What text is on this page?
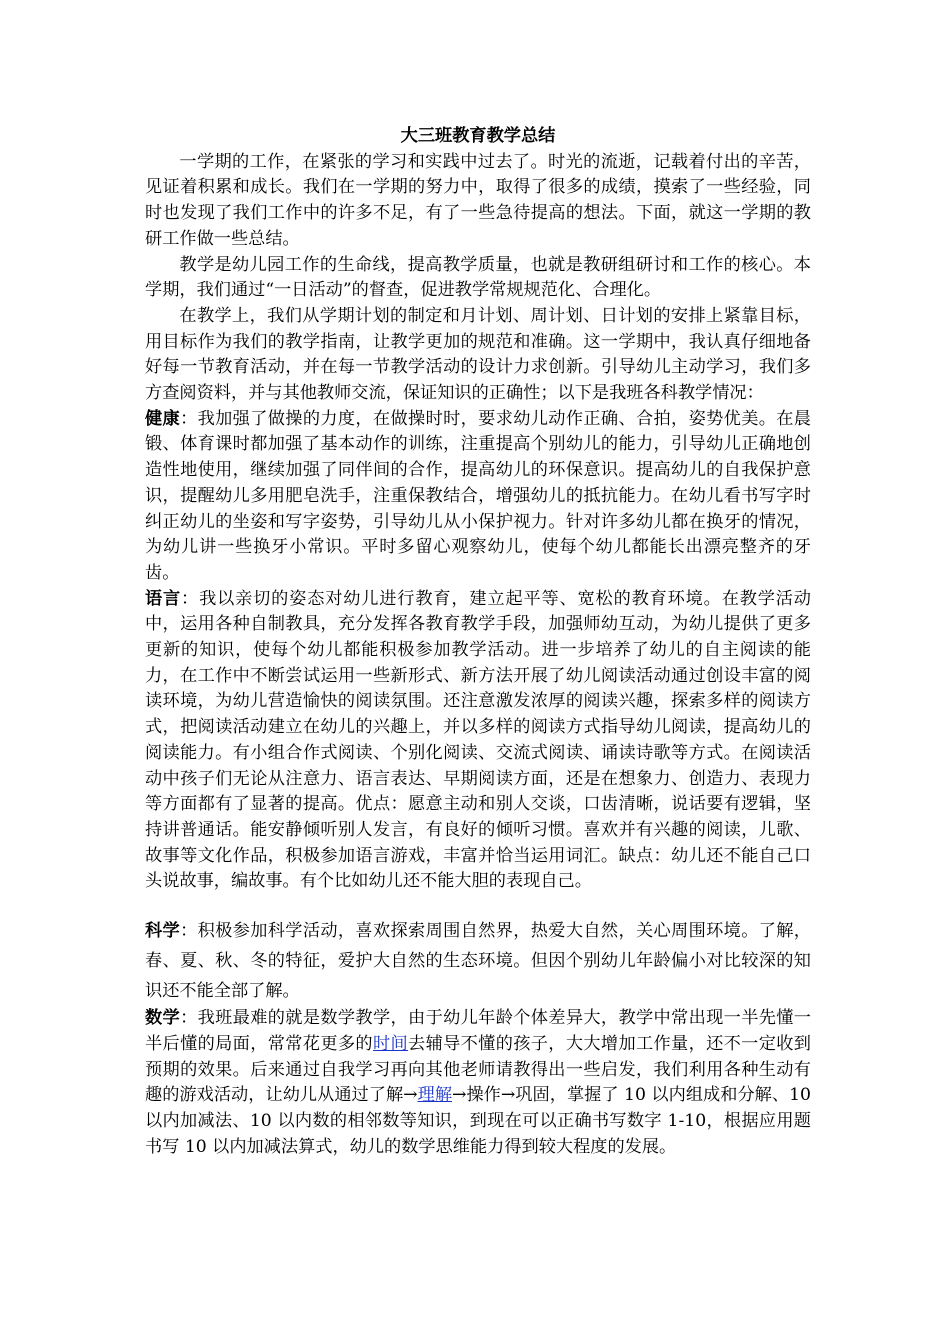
大三班教育教学总结

一学期的工作，在紧张的学习和实践中过去了。时光的流逝，记载着付出的辛苦，见证着积累和成长。我们在一学期的努力中，取得了很多的成绩，摸索了一些经验，同时也发现了我们工作中的许多不足，有了一些急待提高的想法。下面，就这一学期的教研工作做一些总结。

教学是幼儿园工作的生命线，提高教学质量，也就是教研组研讨和工作的核心。本学期，我们通过“一日活动”的督查，促进教学常规规范化、合理化。

在教学上，我们从学期计划的制定和月计划、周计划、日计划的安排上紧靠目标，用目标作为我们的教学指南，让教学更加的规范和准确。这一学期中，我认真仔细地备好每一节教育活动，并在每一节教学活动的设计力求创新。引导幼儿主动学习，我们多方查阅资料，并与其他教师交流，保证知识的正确性；以下是我班各科教学情况：

健康：我加强了做操的力度，在做操时时，要求幼儿动作正确、合拍，姿势优美。在晨锻、体育课时都加强了基本动作的训练，注重提高个别幼儿的能力，引导幼儿正确地创造性地使用，继续加强了同伴间的合作，提高幼儿的环保意识。提高幼儿的自我保护意识，提醒幼儿多用肥皂洗手，注重保教结合，增强幼儿的抵抗能力。在幼儿看书写字时纠正幼儿的坐姿和写字姿势，引导幼儿从小保护视力。针对许多幼儿都在换牙的情况，为幼儿讲一些换牙小常识。平时多留心观察幼儿，使每个幼儿都能长出漂亮整齐的牙齿。

语言：我以亲切的姿态对幼儿进行教育，建立起平等、宽松的教育环境。在教学活动中，运用各种自制教具，充分发挥各教育教学手段，加强师幼互动，为幼儿提供了更多更新的知识，使每个幼儿都能积极参加教学活动。进一步培养了幼儿的自主阅读的能力，在工作中不断尝试运用一些新形式、新方法开展了幼儿阅读活动通过创设丰富的阅读环境，为幼儿营造愉快的阅读氛围。还注意激发浓厚的阅读兴趣，探索多样的阅读方式，把阅读活动建立在幼儿的兴趣上，并以多样的阅读方式指导幼儿阅读，提高幼儿的阅读能力。有小组合作式阅读、个别化阅读、交流式阅读、诵读诗歌等方式。在阅读活动中孩子们无论从注意力、语言表达、早期阅读方面，还是在想象力、创造力、表现力等方面都有了显著的提高。优点：愿意主动和别人交谈，口齿清晰，说话要有逻辑，坚持讲普通话。能安静倾听别人发言，有良好的倾听习惯。喜欢并有兴趣的阅读，儿歌、故事等文化作品，积极参加语言游戏，丰富并恰当运用词汇。缺点：幼儿还不能自己口头说故事，编故事。有个比如幼儿还不能大胆的表现自己。

科学：积极参加科学活动，喜欢探索周围自然界，热爱大自然，关心周围环境。了解，春、夏、秋、冬的特征，爱护大自然的生态环境。但因个别幼儿年龄偏小对比较深的知识还不能全部了解。

数学：我班最难的就是数学教学，由于幼儿年龄个体差异大，教学中常出现一半先懂一半后懂的局面，常常花更多的时间去辅导不懂的孩子，大大增加工作量，还不一定收到预期的效果。后来通过自我学习再向其他老师请教得出一些启发，我们利用各种生动有趣的游戏活动，让幼儿从通过了解→理解→操作→巩固，掌握了 10 以内组成和分解、10 以内加减法、10 以内数的相邻数等知识，到现在可以正确书写数字 1-10，根据应用题书写 10 以内加减法算式，幼儿的数学思维能力得到较大程度的发展。
